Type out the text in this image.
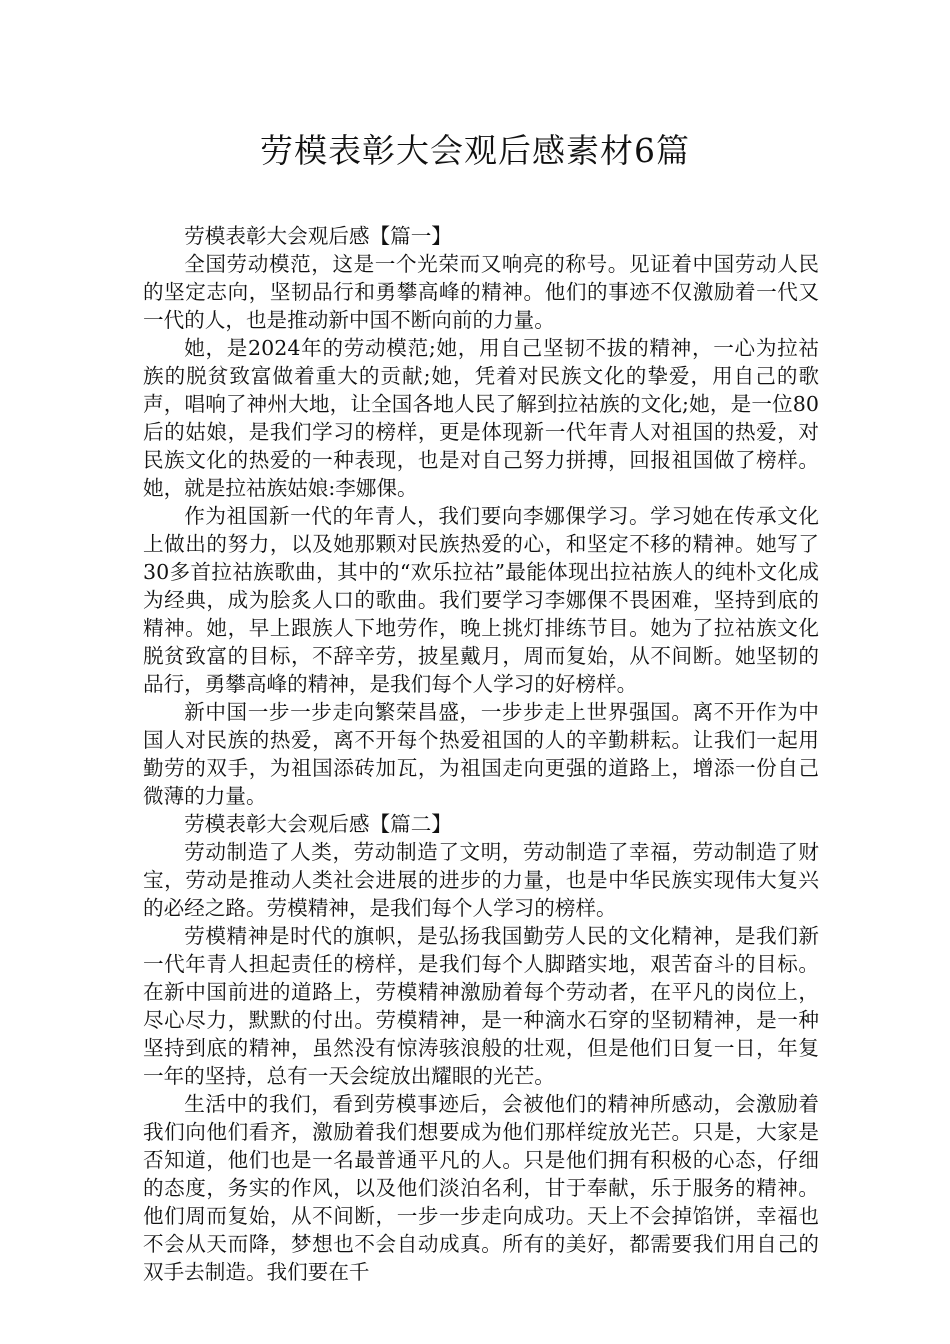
劳模表彰大会观后感素材6篇

劳模表彰大会观后感【篇一】

全国劳动模范，这是一个光荣而又响亮的称号。见证着中国劳动人民的坚定志向，坚韧品行和勇攀高峰的精神。他们的事迹不仅激励着一代又一代的人，也是推动新中国不断向前的力量。

她，是2024年的劳动模范;她，用自己坚韧不拔的精神，一心为拉祜族的脱贫致富做着重大的贡献;她，凭着对民族文化的挚爱，用自己的歌声，唱响了神州大地，让全国各地人民了解到拉祜族的文化;她，是一位80后的姑娘，是我们学习的榜样，更是体现新一代年青人对祖国的热爱，对民族文化的热爱的一种表现，也是对自己努力拼搏，回报祖国做了榜样。她，就是拉祜族姑娘:李娜倮。

作为祖国新一代的年青人，我们要向李娜倮学习。学习她在传承文化上做出的努力，以及她那颗对民族热爱的心，和坚定不移的精神。她写了30多首拉祜族歌曲，其中的“欢乐拉祜”最能体现出拉祜族人的纯朴文化成为经典，成为脍炙人口的歌曲。我们要学习李娜倮不畏困难，坚持到底的精神。她，早上跟族人下地劳作，晚上挑灯排练节目。她为了拉祜族文化脱贫致富的目标，不辞辛劳，披星戴月，周而复始，从不间断。她坚韧的品行，勇攀高峰的精神，是我们每个人学习的好榜样。

新中国一步一步走向繁荣昌盛，一步步走上世界强国。离不开作为中国人对民族的热爱，离不开每个热爱祖国的人的辛勤耕耘。让我们一起用勤劳的双手，为祖国添砖加瓦，为祖国走向更强的道路上，增添一份自己微薄的力量。

劳模表彰大会观后感【篇二】

劳动制造了人类，劳动制造了文明，劳动制造了幸福，劳动制造了财宝，劳动是推动人类社会进展的进步的力量，也是中华民族实现伟大复兴的必经之路。劳模精神，是我们每个人学习的榜样。

劳模精神是时代的旗帜，是弘扬我国勤劳人民的文化精神，是我们新一代年青人担起责任的榜样，是我们每个人脚踏实地，艰苦奋斗的目标。在新中国前进的道路上，劳模精神激励着每个劳动者，在平凡的岗位上，尽心尽力，默默的付出。劳模精神，是一种滴水石穿的坚韧精神，是一种坚持到底的精神，虽然没有惊涛骇浪般的壮观，但是他们日复一日，年复一年的坚持，总有一天会绽放出耀眼的光芒。

生活中的我们，看到劳模事迹后，会被他们的精神所感动，会激励着我们向他们看齐，激励着我们想要成为他们那样绽放光芒。只是，大家是否知道，他们也是一名最普通平凡的人。只是他们拥有积极的心态，仔细的态度，务实的作风，以及他们淡泊名利，甘于奉献，乐于服务的精神。他们周而复始，从不间断，一步一步走向成功。天上不会掉馅饼，幸福也不会从天而降，梦想也不会自动成真。所有的美好，都需要我们用自己的双手去制造。我们要在千
